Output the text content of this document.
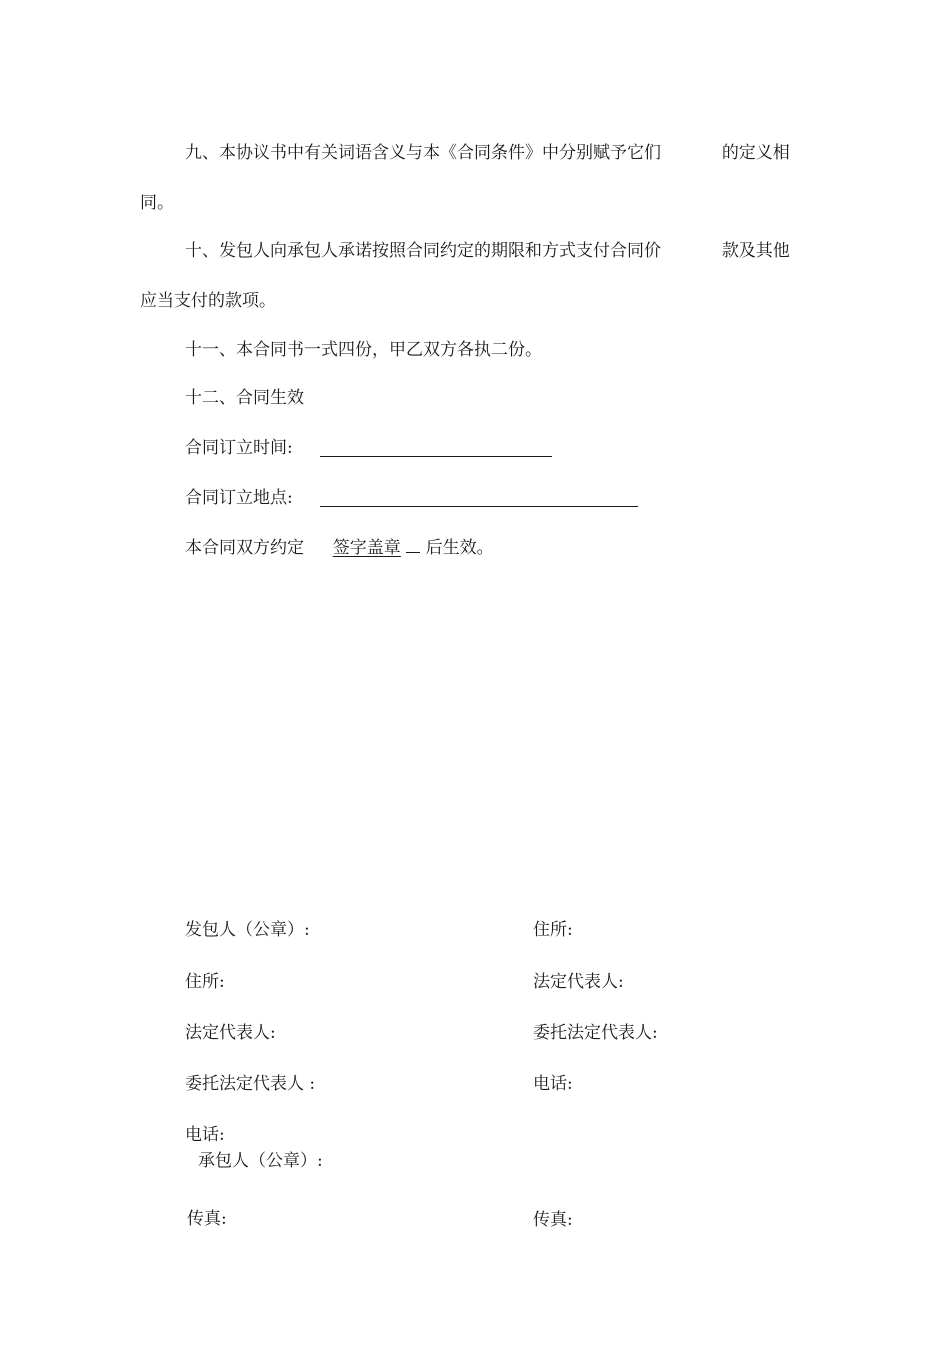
九、本协议书中有关词语含义与本《合同条件》中分别赋予它们	的定义相
同。
十、发包人向承包人承诺按照合同约定的期限和方式支付合同价	款及其他
应当支付的款项。
十一、本合同书一式四份，甲乙双方各执二份。
十二、合同生效
合同订立时间:
合同订立地点:
本合同双方约定 签字盖章 后生效。
发包人（公章）:
住所:
法定代表人:
委托法定代表人 :
电话:
承包人（公章）:
传真:
住所:
法定代表人:
委托法定代表人:
电话:
传真:
